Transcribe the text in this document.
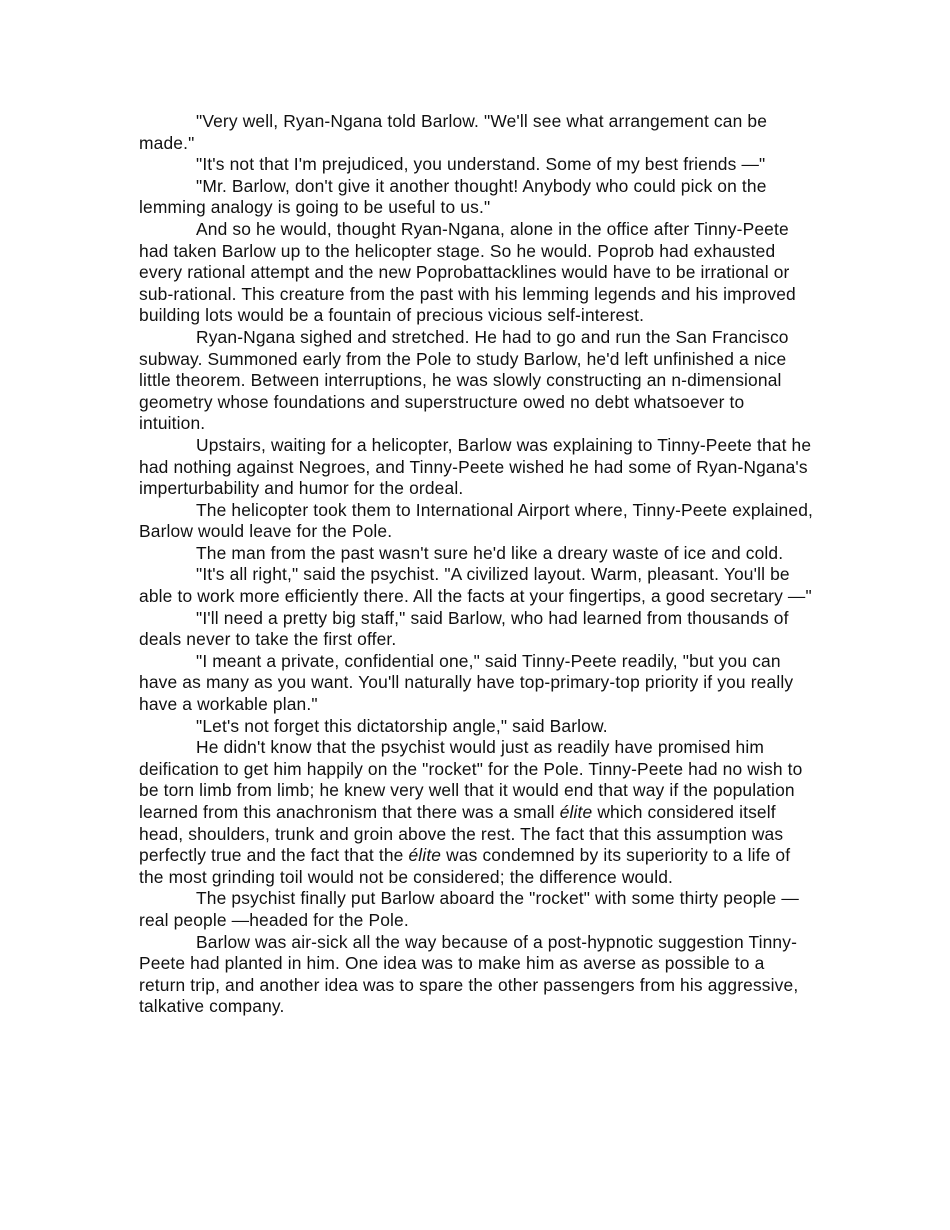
"Very well, Ryan-Ngana told Barlow. "We'll see what arrangement can be made."

"It's not that I'm prejudiced, you understand. Some of my best friends —"

"Mr. Barlow, don't give it another thought! Anybody who could pick on the lemming analogy is going to be useful to us."

And so he would, thought Ryan-Ngana, alone in the office after Tinny-Peete had taken Barlow up to the helicopter stage. So he would. Poprob had exhausted every rational attempt and the new Poprobattacklines would have to be irrational or sub-rational. This creature from the past with his lemming legends and his improved building lots would be a fountain of precious vicious self-interest.

Ryan-Ngana sighed and stretched. He had to go and run the San Francisco subway. Summoned early from the Pole to study Barlow, he'd left unfinished a nice little theorem. Between interruptions, he was slowly constructing an n-dimensional geometry whose foundations and superstructure owed no debt whatsoever to intuition.

Upstairs, waiting for a helicopter, Barlow was explaining to Tinny-Peete that he had nothing against Negroes, and Tinny-Peete wished he had some of Ryan-Ngana's imperturbability and humor for the ordeal.

The helicopter took them to International Airport where, Tinny-Peete explained, Barlow would leave for the Pole.

The man from the past wasn't sure he'd like a dreary waste of ice and cold.

"It's all right," said the psychist. "A civilized layout. Warm, pleasant. You'll be able to work more efficiently there. All the facts at your fingertips, a good secretary —"

"I'll need a pretty big staff," said Barlow, who had learned from thousands of deals never to take the first offer.

"I meant a private, confidential one," said Tinny-Peete readily, "but you can have as many as you want. You'll naturally have top-primary-top priority if you really have a workable plan."

"Let's not forget this dictatorship angle," said Barlow.

He didn't know that the psychist would just as readily have promised him deification to get him happily on the "rocket" for the Pole. Tinny-Peete had no wish to be torn limb from limb; he knew very well that it would end that way if the population learned from this anachronism that there was a small élite which considered itself head, shoulders, trunk and groin above the rest. The fact that this assumption was perfectly true and the fact that the élite was condemned by its superiority to a life of the most grinding toil would not be considered; the difference would.

The psychist finally put Barlow aboard the "rocket" with some thirty people —real people —headed for the Pole.

Barlow was air-sick all the way because of a post-hypnotic suggestion Tinny-Peete had planted in him. One idea was to make him as averse as possible to a return trip, and another idea was to spare the other passengers from his aggressive, talkative company.
